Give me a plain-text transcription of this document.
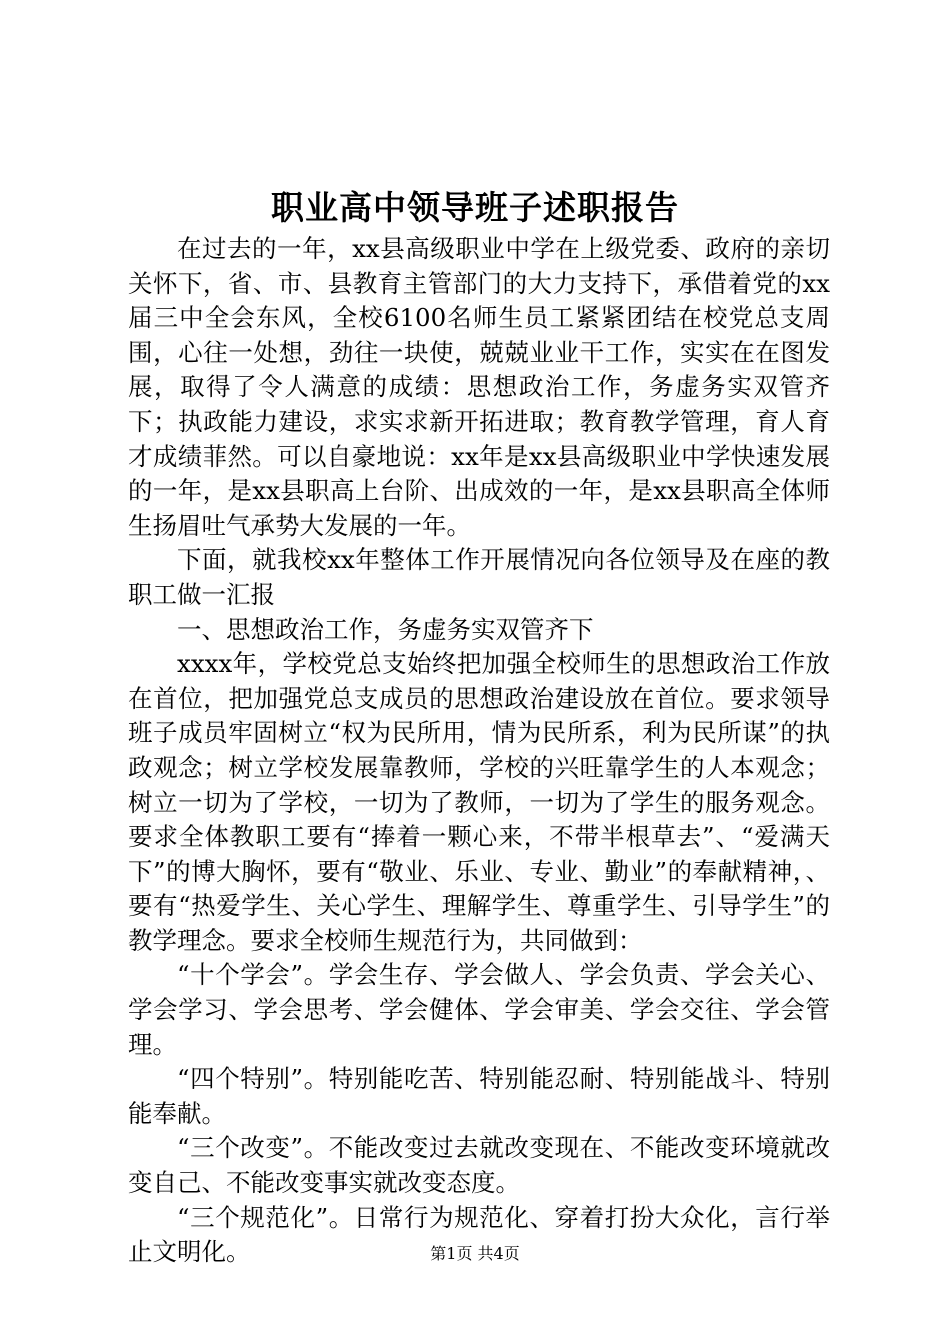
职业高中领导班子述职报告

在过去的一年，xx县高级职业中学在上级党委、政府的亲切关怀下，省、市、县教育主管部门的大力支持下，承借着党的xx届三中全会东风，全校6100名师生员工紧紧团结在校党总支周围，心往一处想，劲往一块使，兢兢业业干工作，实实在在图发展，取得了令人满意的成绩：思想政治工作，务虚务实双管齐下；执政能力建设，求实求新开拓进取；教育教学管理，育人育才成绩菲然。可以自豪地说：xx年是xx县高级职业中学快速发展的一年，是xx县职高上台阶、出成效的一年，是xx县职高全体师生扬眉吐气承势大发展的一年。

下面，就我校xx年整体工作开展情况向各位领导及在座的教职工做一汇报

一、思想政治工作，务虚务实双管齐下

xxxx年，学校党总支始终把加强全校师生的思想政治工作放在首位，把加强党总支成员的思想政治建设放在首位。要求领导班子成员牢固树立“权为民所用，情为民所系，利为民所谋”的执政观念；树立学校发展靠教师，学校的兴旺靠学生的人本观念；树立一切为了学校，一切为了教师，一切为了学生的服务观念。要求全体教职工要有“捧着一颗心来，不带半根草去”、“爱满天下”的博大胸怀，要有“敬业、乐业、专业、勤业”的奉献精神，、要有“热爱学生、关心学生、理解学生、尊重学生、引导学生”的教学理念。要求全校师生规范行为，共同做到：

“十个学会”。学会生存、学会做人、学会负责、学会关心、学会学习、学会思考、学会健体、学会审美、学会交往、学会管理。

“四个特别”。特别能吃苦、特别能忍耐、特别能战斗、特别能奉献。

“三个改变”。不能改变过去就改变现在、不能改变环境就改变自己、不能改变事实就改变态度。

“三个规范化”。日常行为规范化、穿着打扮大众化，言行举止文明化。	第1页 共4页
